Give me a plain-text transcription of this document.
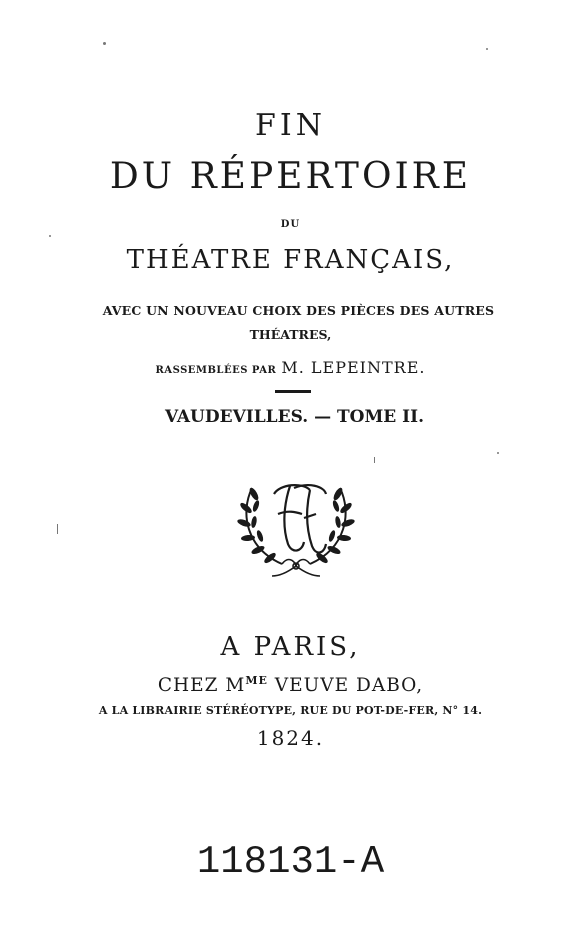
FIN
DU RÉPERTOIRE
DU
THÉATRE FRANÇAIS,
AVEC UN NOUVEAU CHOIX DES PIÈCES DES AUTRES
THÉATRES,
RASSEMBLÉES PAR M. LEPEINTRE.
VAUDEVILLES. — TOME II.
A PARIS,
CHEZ $M^{ME}$ VEUVE DABO,
A LA LIBRAIRIE STÉRÉOTYPE, RUE DU POT-DE-FER, N° 14.
1824.
118131-A
